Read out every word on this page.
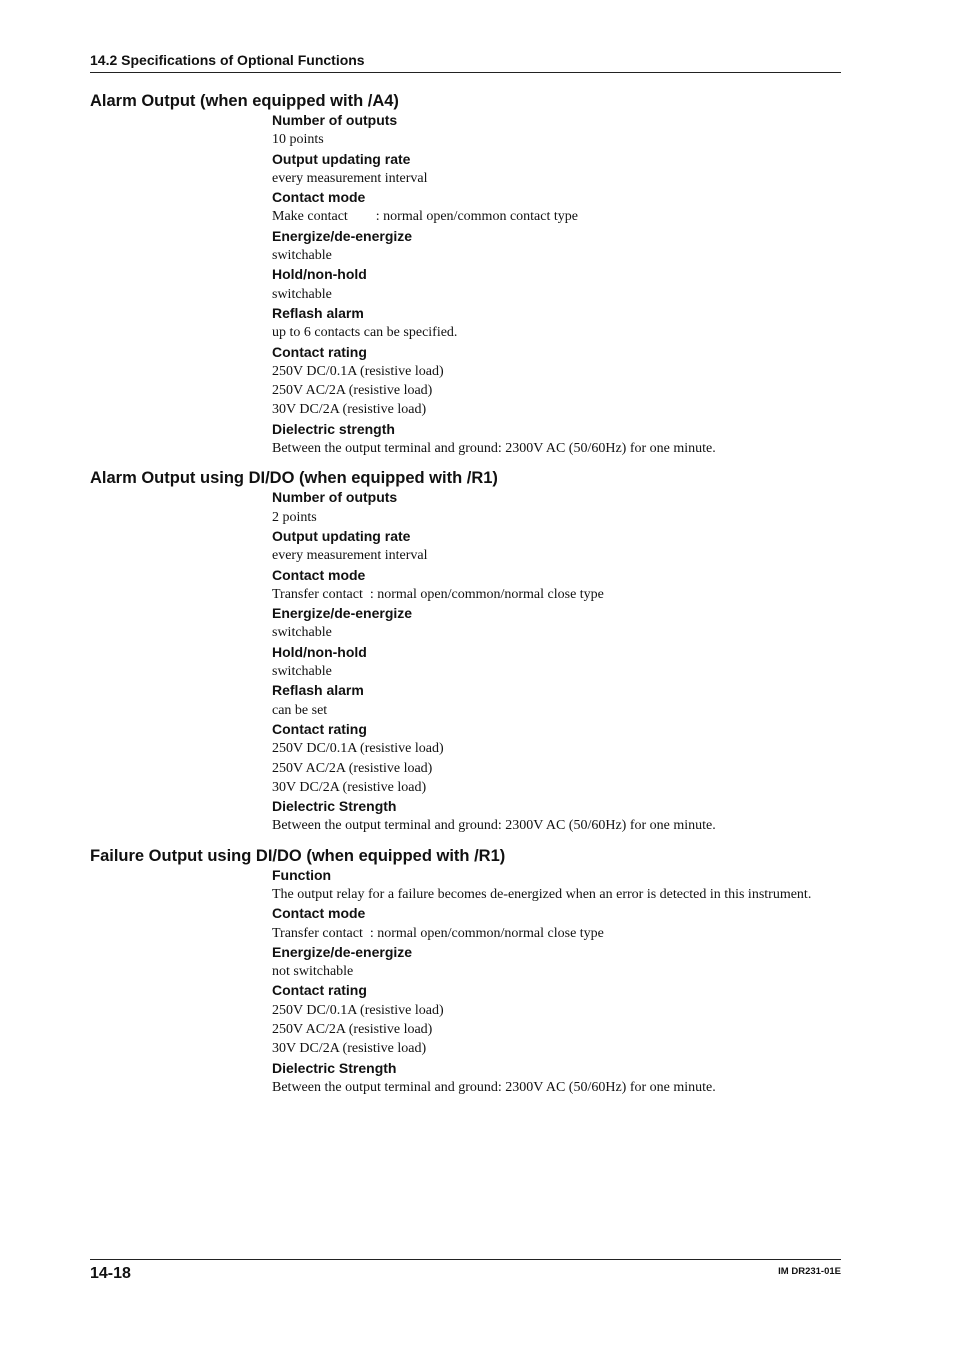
14.2 Specifications of Optional Functions
Alarm Output (when equipped with /A4)
Number of outputs
10 points
Output updating rate
every measurement interval
Contact mode
Make contact        : normal open/common contact type
Energize/de-energize
switchable
Hold/non-hold
switchable
Reflash alarm
up to 6 contacts can be specified.
Contact rating
250V DC/0.1A (resistive load)
250V AC/2A (resistive load)
30V DC/2A (resistive load)
Dielectric strength
Between the output terminal and ground: 2300V AC (50/60Hz) for one minute.
Alarm Output using DI/DO (when equipped with /R1)
Number of outputs
2 points
Output updating rate
every measurement interval
Contact mode
Transfer contact  : normal open/common/normal close type
Energize/de-energize
switchable
Hold/non-hold
switchable
Reflash alarm
can be set
Contact rating
250V DC/0.1A (resistive load)
250V AC/2A (resistive load)
30V DC/2A (resistive load)
Dielectric Strength
Between the output terminal and ground: 2300V AC (50/60Hz) for one minute.
Failure Output using DI/DO (when equipped with /R1)
Function
The output relay for a failure becomes de-energized when an error is detected in this instrument.
Contact mode
Transfer contact  : normal open/common/normal close type
Energize/de-energize
not switchable
Contact rating
250V DC/0.1A (resistive load)
250V AC/2A (resistive load)
30V DC/2A (resistive load)
Dielectric Strength
Between the output terminal and ground: 2300V AC (50/60Hz) for one minute.
14-18	IM DR231-01E
